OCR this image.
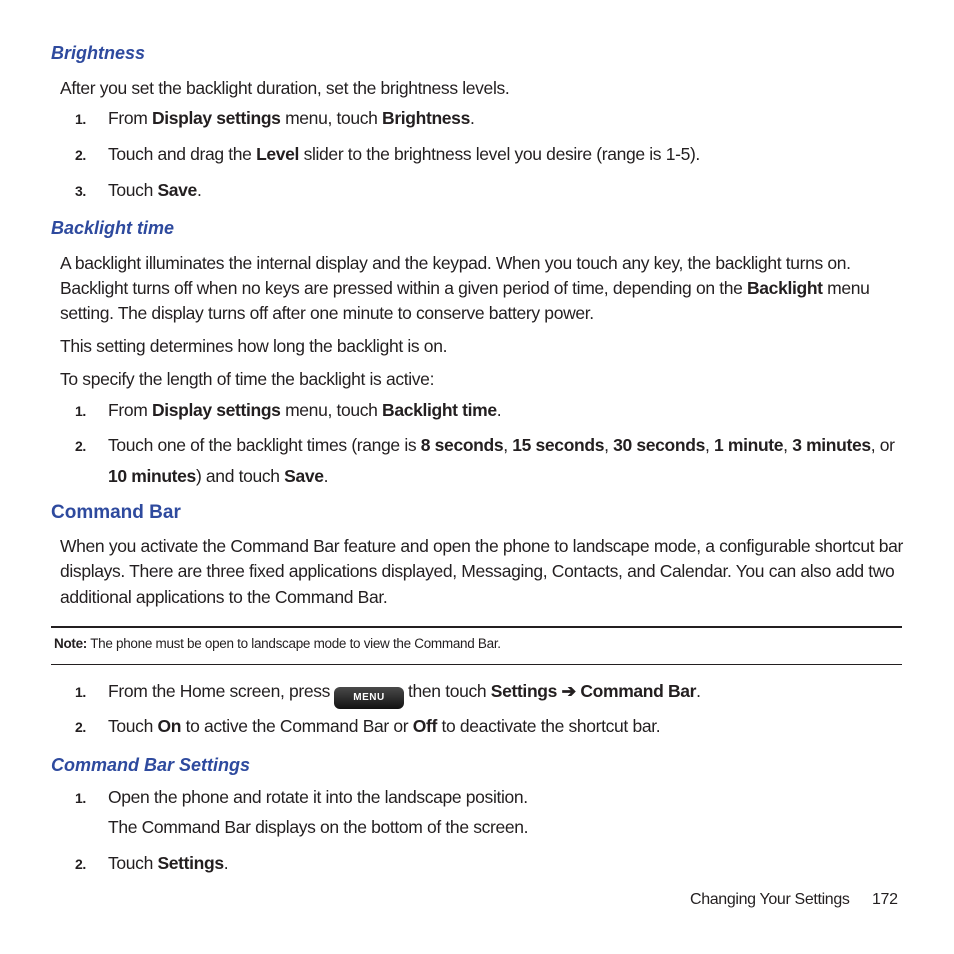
Brightness
After you set the backlight duration, set the brightness levels.
1. From Display settings menu, touch Brightness.
2. Touch and drag the Level slider to the brightness level you desire (range is 1-5).
3. Touch Save.
Backlight time
A backlight illuminates the internal display and the keypad. When you touch any key, the backlight turns on.
Backlight turns off when no keys are pressed within a given period of time, depending on the Backlight menu
setting. The display turns off after one minute to conserve battery power.
This setting determines how long the backlight is on.
To specify the length of time the backlight is active:
1. From Display settings menu, touch Backlight time.
2. Touch one of the backlight times (range is 8 seconds, 15 seconds, 30 seconds, 1 minute, 3 minutes, or
10 minutes) and touch Save.
Command Bar
When you activate the Command Bar feature and open the phone to landscape mode, a configurable shortcut bar
displays. There are three fixed applications displayed, Messaging, Contacts, and Calendar. You can also add two
additional applications to the Command Bar.
Note: The phone must be open to landscape mode to view the Command Bar.
1. From the Home screen, press MENU then touch Settings ➔ Command Bar.
2. Touch On to active the Command Bar or Off to deactivate the shortcut bar.
Command Bar Settings
1. Open the phone and rotate it into the landscape position.
The Command Bar displays on the bottom of the screen.
2. Touch Settings.
Changing Your Settings 172
